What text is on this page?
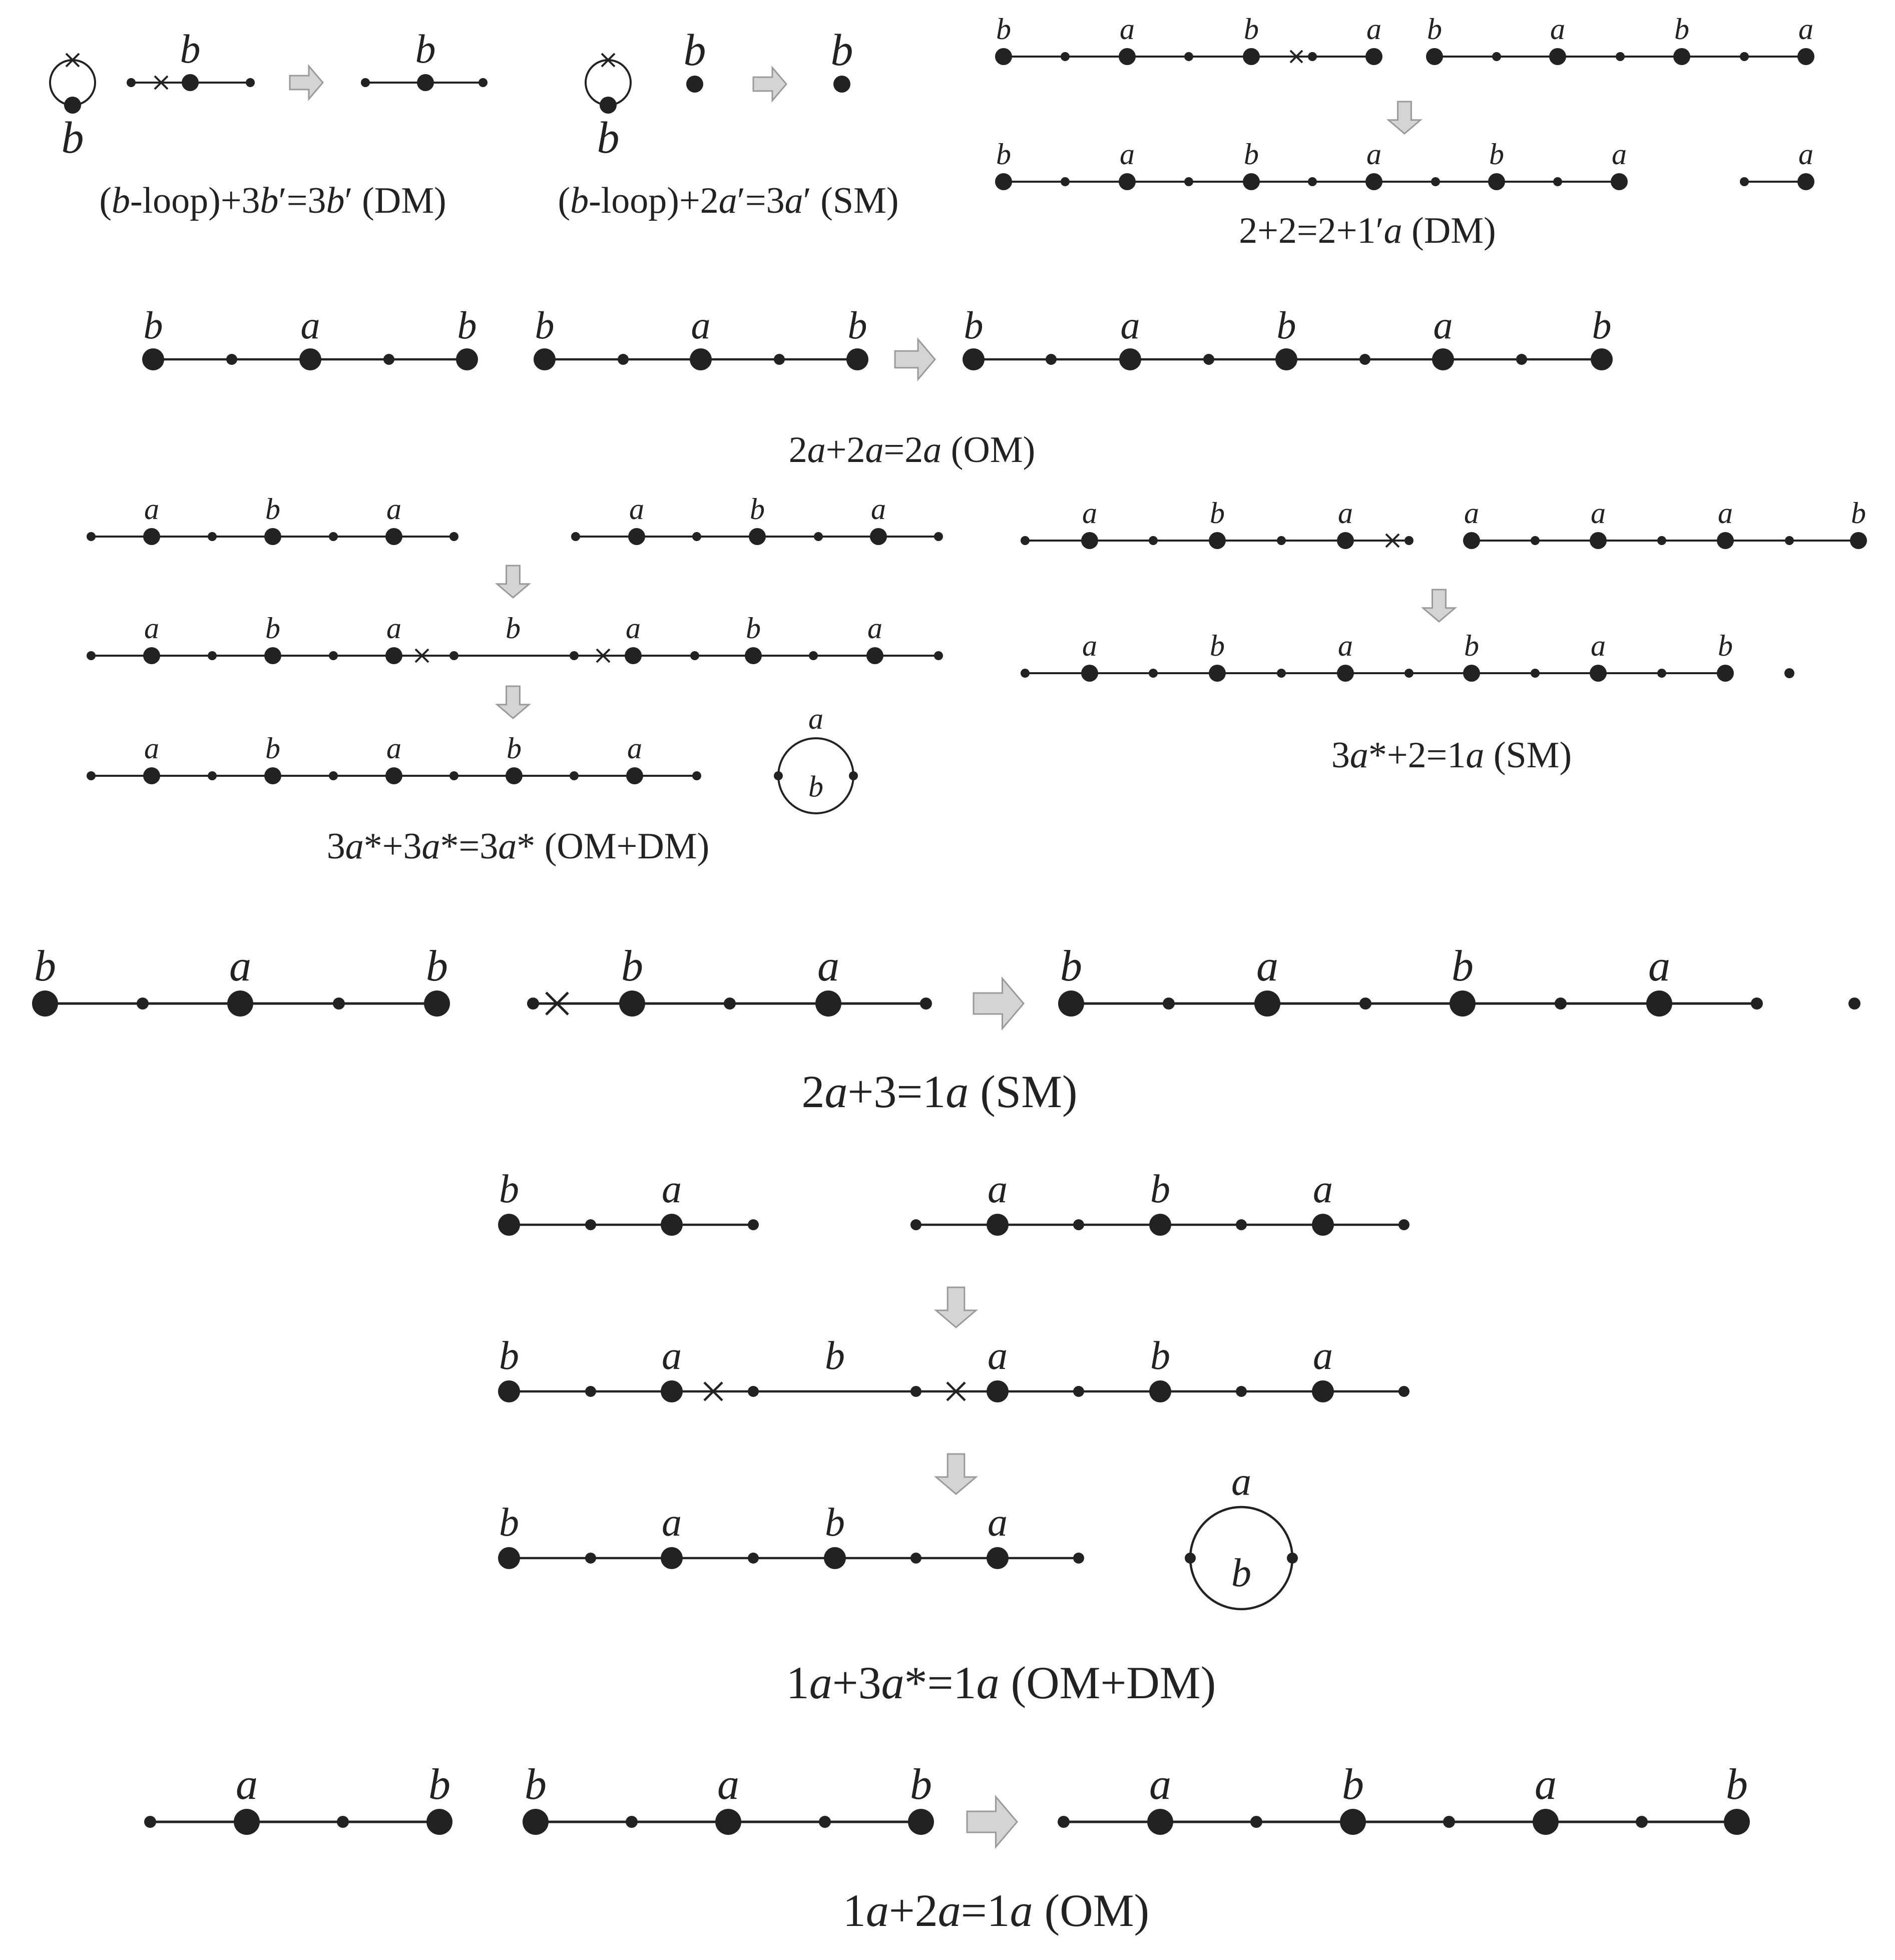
b
b	b
(b-loop)+3b′=3b′ (DM)
b
b	b
(b-loop)+2a′=3a′ (SM)
b	a	b	a b	a	b	a
b	a	b	a	b	a	a
2+2=2+1′a (DM)
b	a	b b	a	b b	a	b	a	b
2a+2a=2a (OM)
a	b	a	a	b	a
a	b	a	a	b	a
b
a	b	a	b	a
a
b
3a*+3a*=3a* (OM+DM)
a	b	a	a	a	a	b
a	b	a	b	a	b
3a*+2=1a (SM)
b	a	b	b	a	b	a	b	a
2a+3=1a (SM)
b	a	a	b	a
b	a	a	b	a
b
b	a	b	a
a
b
1a+3a*=1a (OM+DM)
a	b b	a	b	a	b	a	b
1a+2a=1a (OM)
